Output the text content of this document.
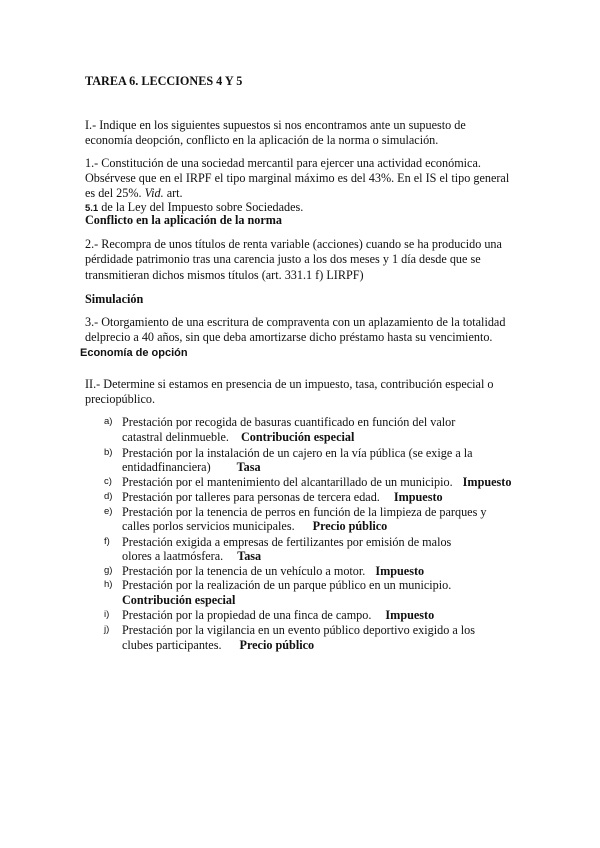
TAREA 6. LECCIONES 4 Y 5
I.- Indique en los siguientes supuestos si nos encontramos ante un supuesto de
economía deopción, conflicto en la aplicación de la norma o simulación.
1.- Constitución de una sociedad mercantil para ejercer una actividad económica.
Obsérvese que en el IRPF el tipo marginal máximo es del 43%. En el IS el tipo general
es del 25%. Vid. art.
5.1 de la Ley del Impuesto sobre Sociedades.
Conflicto en la aplicación de la norma
2.- Recompra de unos títulos de renta variable (acciones) cuando se ha producido una
pérdidade patrimonio tras una carencia justo a los dos meses y 1 día desde que se
transmitieran dichos mismos títulos (art. 331.1 f) LIRPF)
Simulación
3.- Otorgamiento de una escritura de compraventa con un aplazamiento de la totalidad
delprecio a 40 años, sin que deba amortizarse dicho préstamo hasta su vencimiento.
Economía de opción
II.- Determine si estamos en presencia de un impuesto, tasa, contribución especial o
preciopúblico.
a) Prestación por recogida de basuras cuantificado en función del valor
catastral delinmueble. Contribución especial
b) Prestación por la instalación de un cajero en la vía pública (se exige a la
entidadfinanciera) Tasa
c) Prestación por el mantenimiento del alcantarillado de un municipio. Impuesto
d) Prestación por talleres para personas de tercera edad. Impuesto
e) Prestación por la tenencia de perros en función de la limpieza de parques y
calles porlos servicios municipales. Precio público
f) Prestación exigida a empresas de fertilizantes por emisión de malos
olores a laatmósfera. Tasa
g) Prestación por la tenencia de un vehículo a motor. Impuesto
h) Prestación por la realización de un parque público en un municipio.
Contribución especial
i) Prestación por la propiedad de una finca de campo. Impuesto
j) Prestación por la vigilancia en un evento público deportivo exigido a los
clubes participantes. Precio público
